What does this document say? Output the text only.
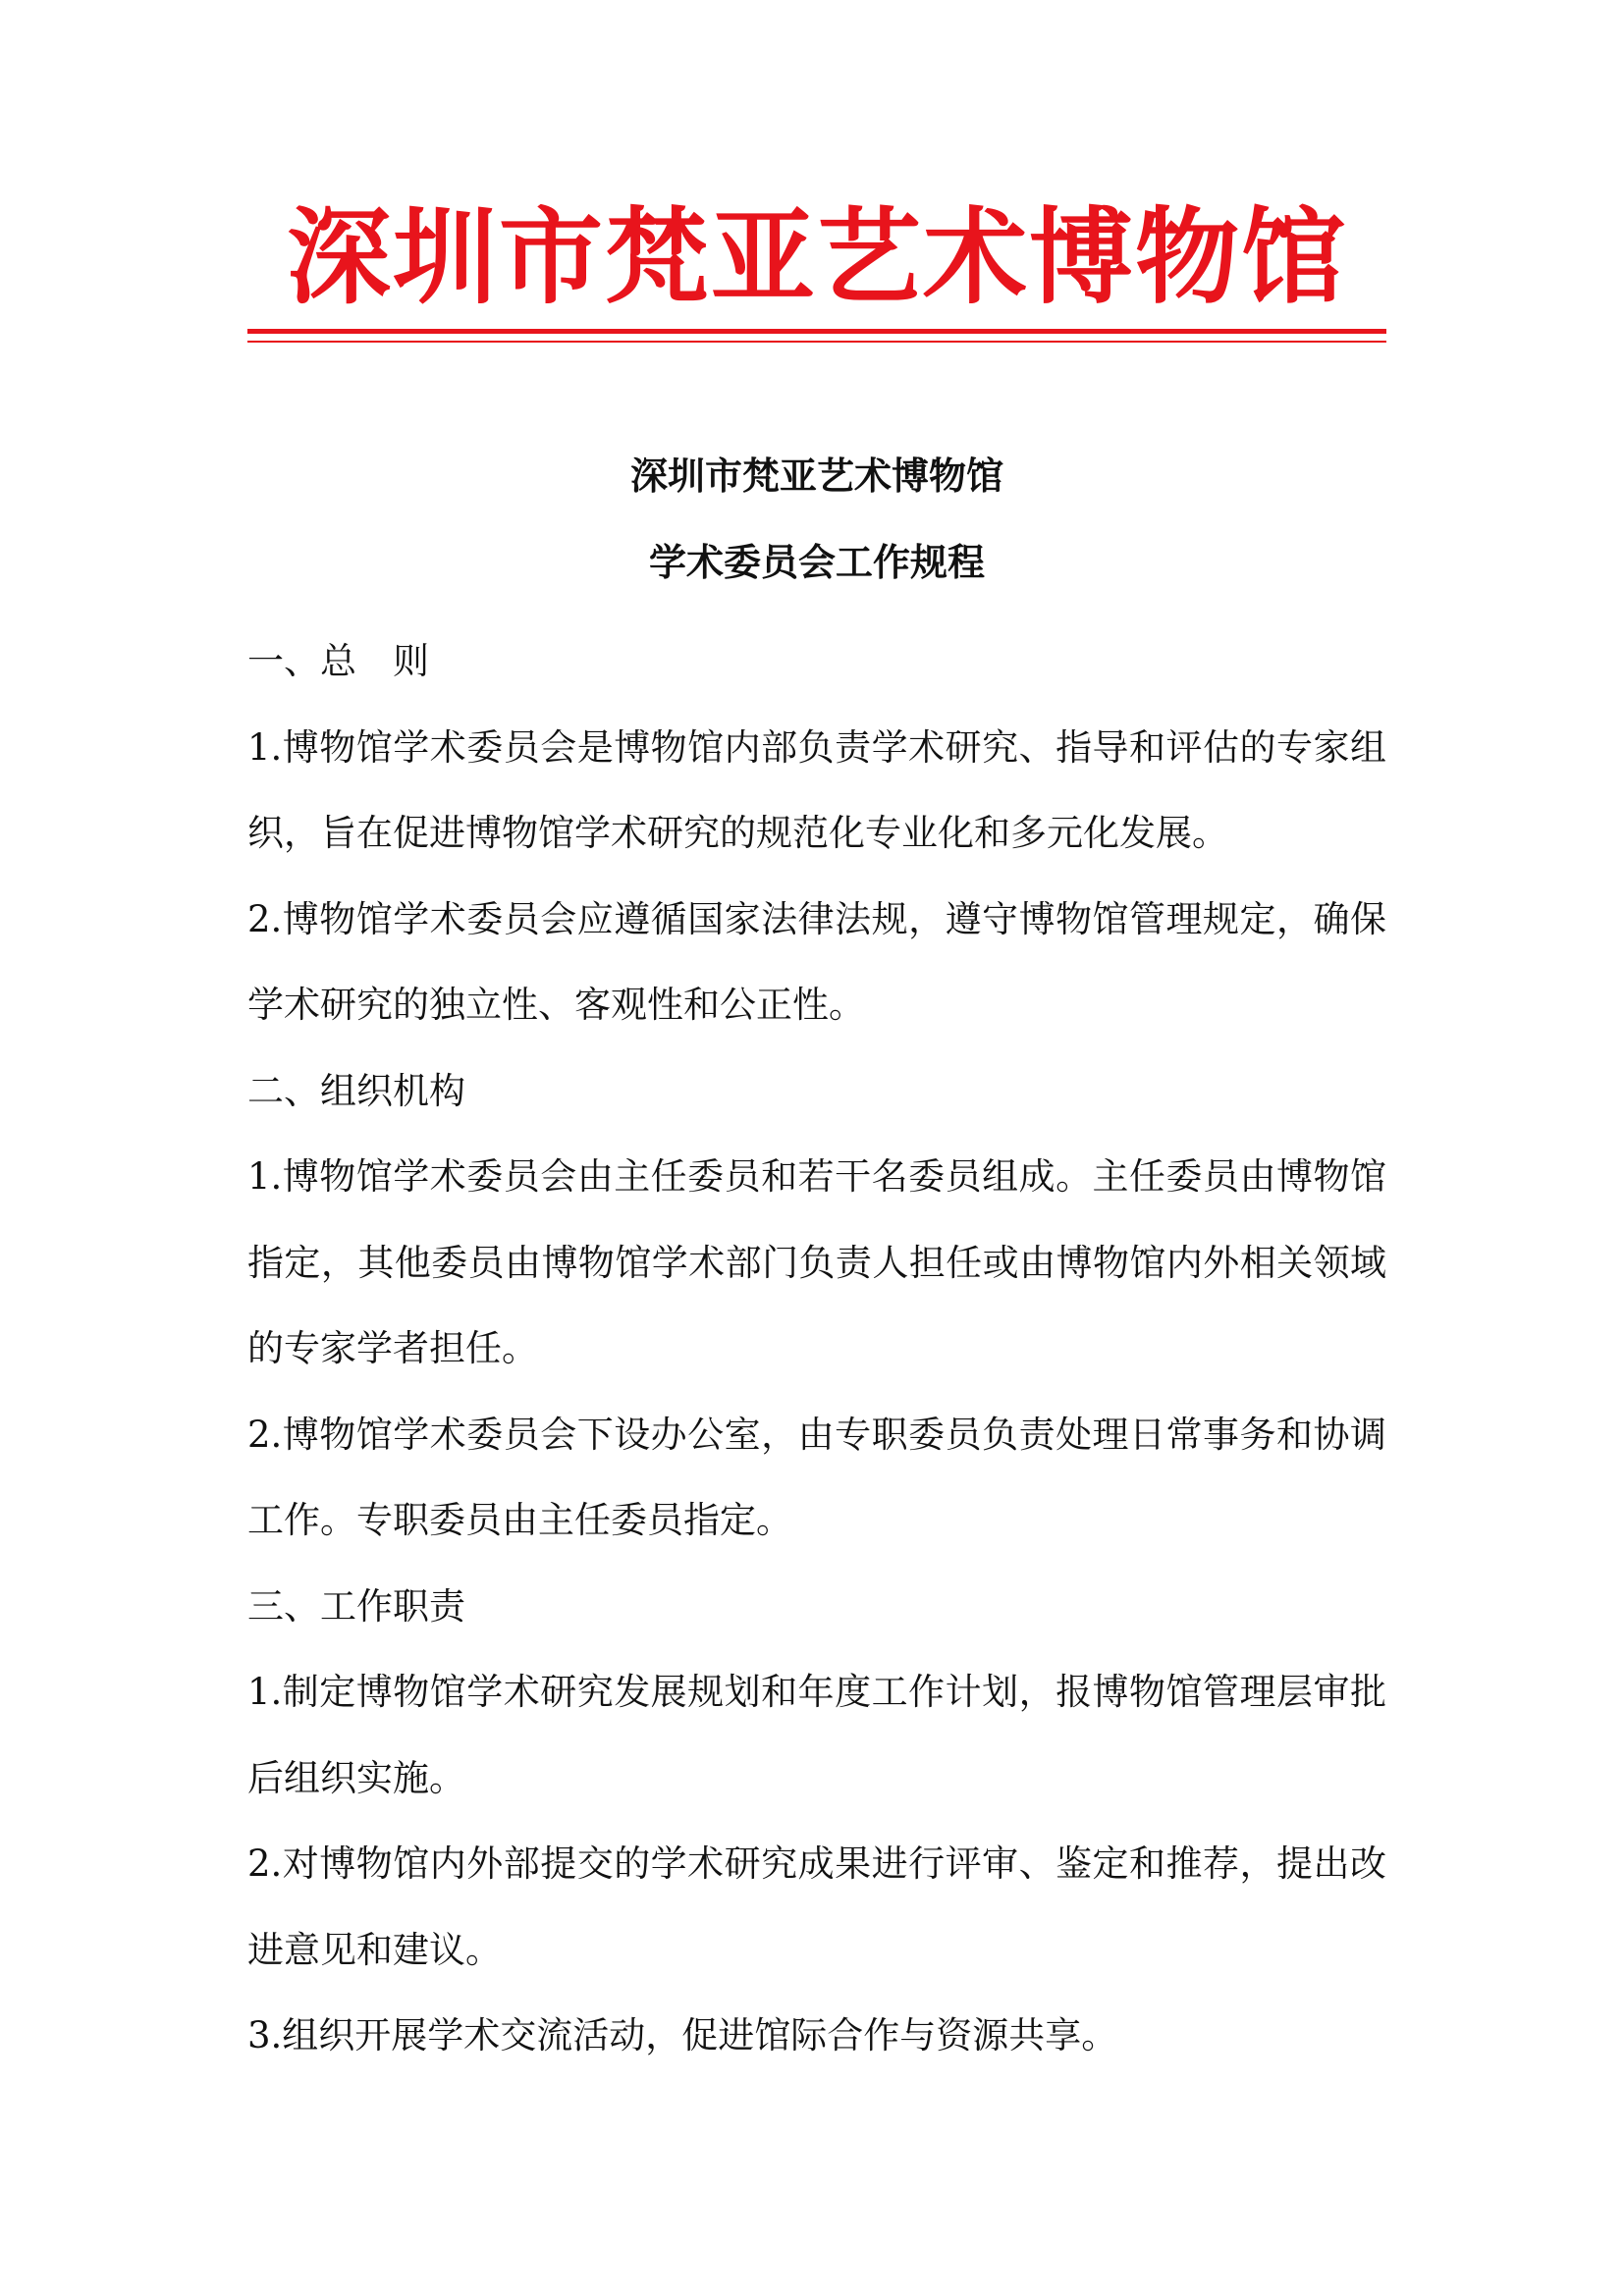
深圳市梵亚艺术博物馆
深圳市梵亚艺术博物馆
学术委员会工作规程

一、总　则

1.博物馆学术委员会是博物馆内部负责学术研究、指导和评估的专家组织，旨在促进博物馆学术研究的规范化专业化和多元化发展。

2.博物馆学术委员会应遵循国家法律法规，遵守博物馆管理规定，确保学术研究的独立性、客观性和公正性。

二、组织机构

1.博物馆学术委员会由主任委员和若干名委员组成。主任委员由博物馆指定，其他委员由博物馆学术部门负责人担任或由博物馆内外相关领域的专家学者担任。

2.博物馆学术委员会下设办公室，由专职委员负责处理日常事务和协调工作。专职委员由主任委员指定。

三、工作职责

1.制定博物馆学术研究发展规划和年度工作计划，报博物馆管理层审批后组织实施。

2.对博物馆内外部提交的学术研究成果进行评审、鉴定和推荐，提出改进意见和建议。

3.组织开展学术交流活动，促进馆际合作与资源共享。
